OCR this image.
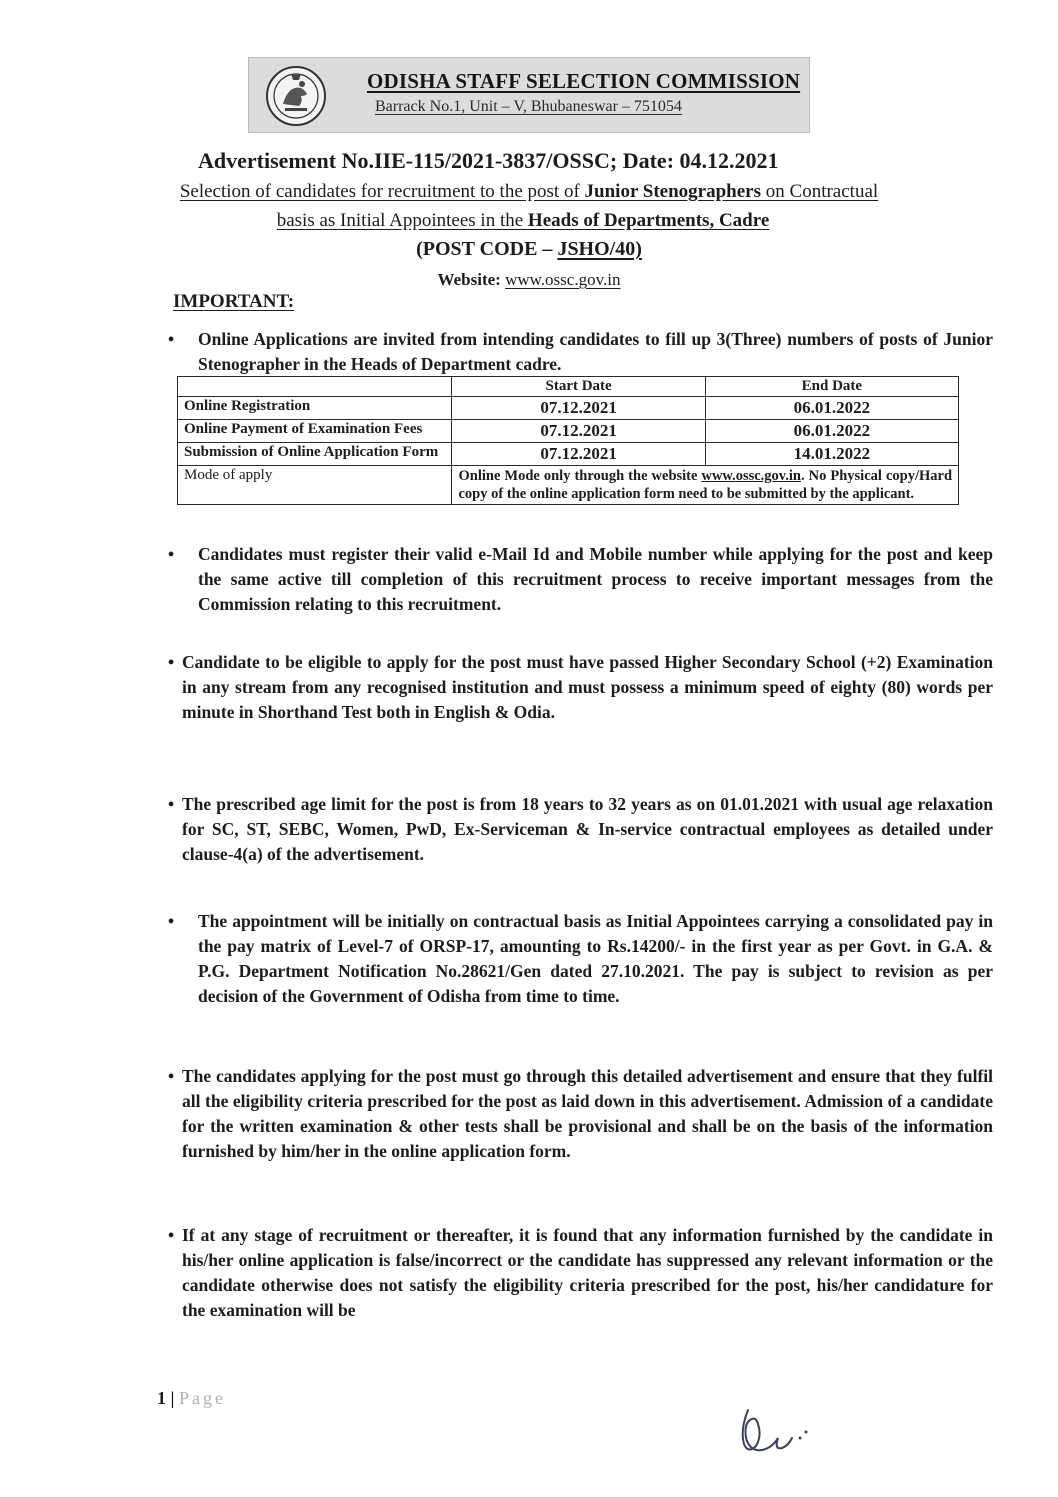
ODISHA STAFF SELECTION COMMISSION
Barrack No.1, Unit – V, Bhubaneswar – 751054
Advertisement No.IIE-115/2021-3837/OSSC; Date: 04.12.2021

Selection of candidates for recruitment to the post of Junior Stenographers on Contractual

basis as Initial Appointees in the Heads of Departments, Cadre

(POST CODE – JSHO/40)
Website: www.ossc.gov.in
IMPORTANT:
• Online Applications are invited from intending candidates to fill up 3(Three) numbers of posts of Junior Stenographer in the Heads of Department cadre.
	Start Date	End Date
Online Registration	07.12.2021	06.01.2022
Online Payment of Examination Fees	07.12.2021	06.01.2022
Submission of Online Application Form	07.12.2021	14.01.2022
Mode of apply	Online Mode only through the website www.ossc.gov.in. No Physical copy/Hard copy of the online application form need to be submitted by the applicant.	
• Candidates must register their valid e-Mail Id and Mobile number while applying for the post and keep the same active till completion of this recruitment process to receive important messages from the Commission relating to this recruitment.
• Candidate to be eligible to apply for the post must have passed Higher Secondary School (+2) Examination in any stream from any recognised institution and must possess a minimum speed of eighty (80) words per minute in Shorthand Test both in English & Odia.
• The prescribed age limit for the post is from 18 years to 32 years as on 01.01.2021 with usual age relaxation for SC, ST, SEBC, Women, PwD, Ex-Serviceman & In-service contractual employees as detailed under clause-4(a) of the advertisement.
• The appointment will be initially on contractual basis as Initial Appointees carrying a consolidated pay in the pay matrix of Level-7 of ORSP-17, amounting to Rs.14200/- in the first year as per Govt. in G.A. & P.G. Department Notification No.28621/Gen dated 27.10.2021. The pay is subject to revision as per decision of the Government of Odisha from time to time.
• The candidates applying for the post must go through this detailed advertisement and ensure that they fulfil all the eligibility criteria prescribed for the post as laid down in this advertisement. Admission of a candidate for the written examination & other tests shall be provisional and shall be on the basis of the information furnished by him/her in the online application form.
• If at any stage of recruitment or thereafter, it is found that any information furnished by the candidate in his/her online application is false/incorrect or the candidate has suppressed any relevant information or the candidate otherwise does not satisfy the eligibility criteria prescribed for the post, his/her candidature for the examination will be
1 | Page
